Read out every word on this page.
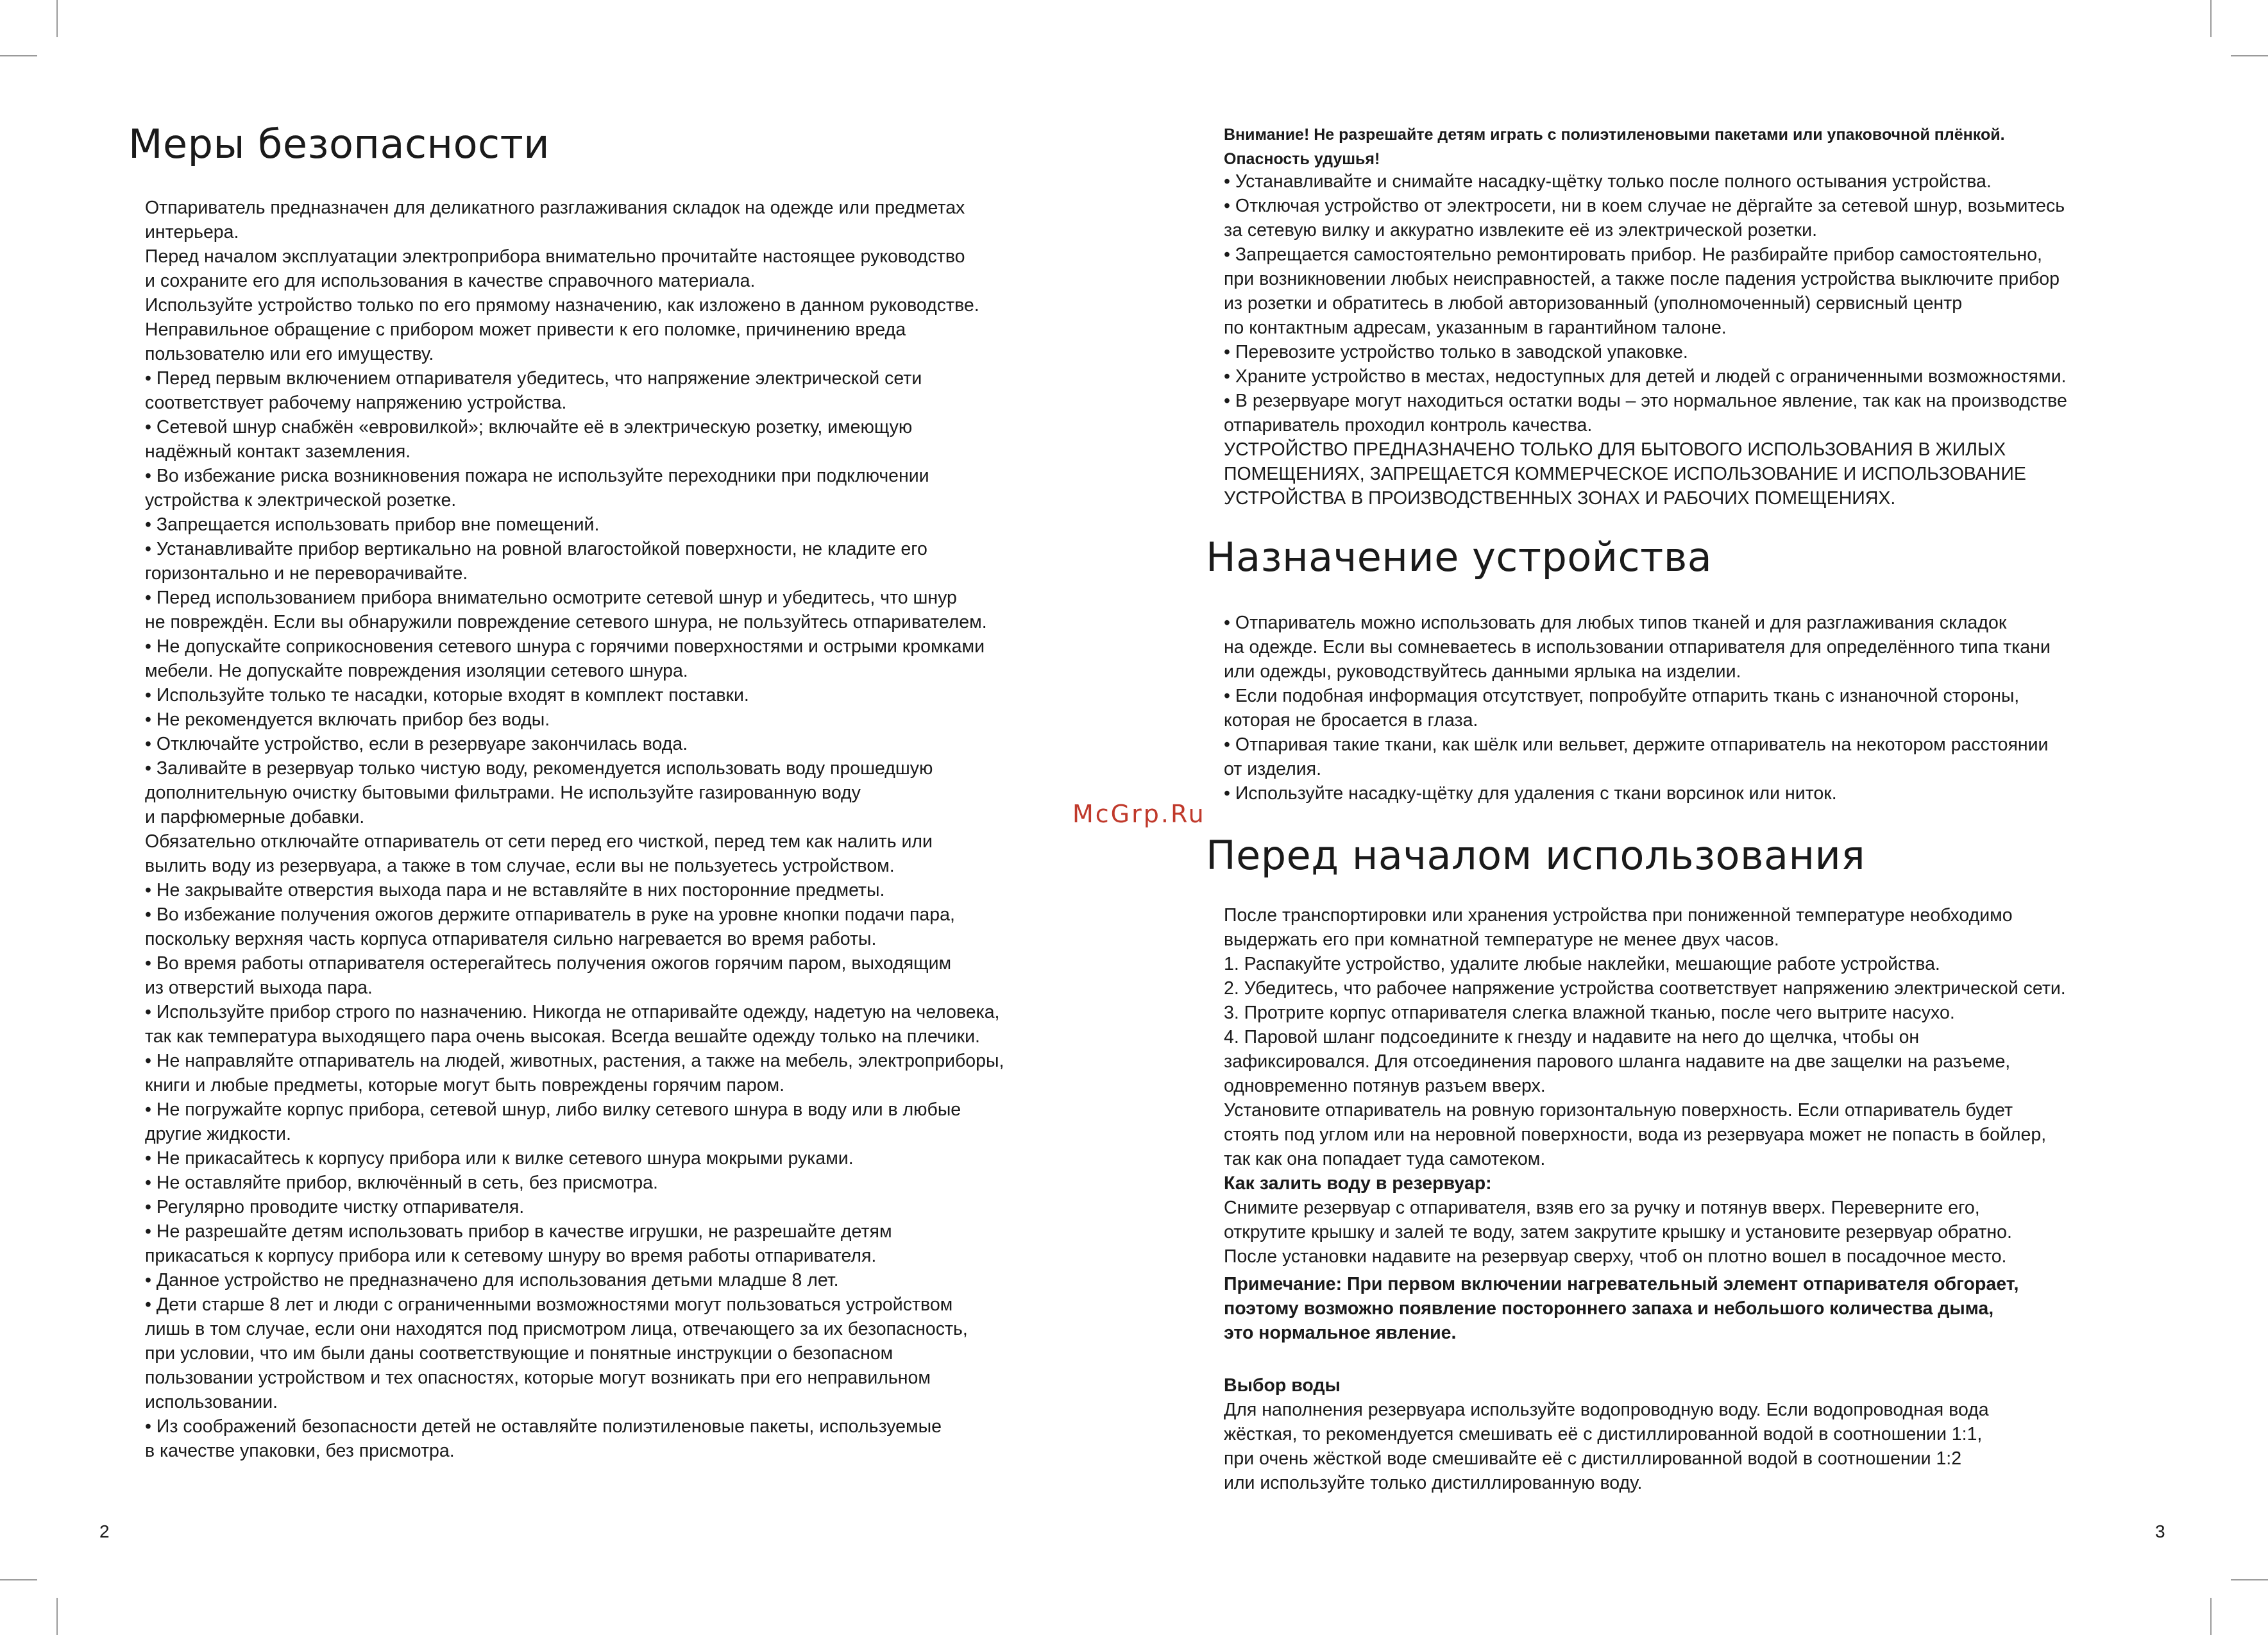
Меры безопасности
Отпариватель предназначен для деликатного разглаживания складок на одежде или предметах
интерьера.
Перед началом эксплуатации электроприбора внимательно прочитайте настоящее руководство
и сохраните его для использования в качестве справочного материала.
Используйте устройство только по его прямому назначению, как изложено в данном руководстве.
Неправильное обращение с прибором может привести к его поломке, причинению вреда
пользователю или его имуществу.
• Перед первым включением отпаривателя убедитесь, что напряжение электрической сети
соответствует рабочему напряжению устройства.
• Сетевой шнур снабжён «евровилкой»; включайте её в электрическую розетку, имеющую
надёжный контакт заземления.
• Во избежание риска возникновения пожара не используйте переходники при подключении
устройства к электрической розетке.
• Запрещается использовать прибор вне помещений.
• Устанавливайте прибор вертикально на ровной влагостойкой поверхности, не кладите его
горизонтально и не переворачивайте.
• Перед использованием прибора внимательно осмотрите сетевой шнур и убедитесь, что шнур
не повреждён. Если вы обнаружили повреждение сетевого шнура, не пользуйтесь отпаривателем.
• Не допускайте соприкосновения сетевого шнура с горячими поверхностями и острыми кромками
мебели. Не допускайте повреждения изоляции сетевого шнура.
• Используйте только те насадки, которые входят в комплект поставки.
• Не рекомендуется включать прибор без воды.
• Отключайте устройство, если в резервуаре закончилась вода.
• Заливайте в резервуар только чистую воду, рекомендуется использовать воду прошедшую
дополнительную очистку бытовыми фильтрами. Не используйте газированную воду
и парфюмерные добавки.
Обязательно отключайте отпариватель от сети перед его чисткой, перед тем как налить или
вылить воду из резервуара, а также в том случае, если вы не пользуетесь устройством.
• Не закрывайте отверстия выхода пара и не вставляйте в них посторонние предметы.
• Во избежание получения ожогов держите отпариватель в руке на уровне кнопки подачи пара,
поскольку верхняя часть корпуса отпаривателя сильно нагревается во время работы.
• Во время работы отпаривателя остерегайтесь получения ожогов горячим паром, выходящим
из отверстий выхода пара.
• Используйте прибор строго по назначению. Никогда не отпаривайте одежду, надетую на человека,
так как температура выходящего пара очень высокая. Всегда вешайте одежду только на плечики.
• Не направляйте отпариватель на людей, животных, растения, а также на мебель, электроприборы,
книги и любые предметы, которые могут быть повреждены горячим паром.
• Не погружайте корпус прибора, сетевой шнур, либо вилку сетевого шнура в воду или в любые
другие жидкости.
• Не прикасайтесь к корпусу прибора или к вилке сетевого шнура мокрыми руками.
• Не оставляйте прибор, включённый в сеть, без присмотра.
• Регулярно проводите чистку отпаривателя.
• Не разрешайте детям использовать прибор в качестве игрушки, не разрешайте детям
прикасаться к корпусу прибора или к сетевому шнуру во время работы отпаривателя.
• Данное устройство не предназначено для использования детьми младше 8 лет.
• Дети старше 8 лет и люди с ограниченными возможностями могут пользоваться устройством
лишь в том случае, если они находятся под присмотром лица, отвечающего за их безопасность,
при условии, что им были даны соответствующие и понятные инструкции о безопасном
пользовании устройством и тех опасностях, которые могут возникать при его неправильном
использовании.
• Из соображений безопасности детей не оставляйте полиэтиленовые пакеты, используемые
в качестве упаковки, без присмотра.
2
McGrp.Ru
Внимание! Не разрешайте детям играть с полиэтиленовыми пакетами или упаковочной плёнкой.
Опасность удушья!
• Устанавливайте и снимайте насадку-щётку только после полного остывания устройства.
• Отключая устройство от электросети, ни в коем случае не дёргайте за сетевой шнур, возьмитесь
за сетевую вилку и аккуратно извлеките её из электрической розетки.
• Запрещается самостоятельно ремонтировать прибор. Не разбирайте прибор самостоятельно,
при возникновении любых неисправностей, а также после падения устройства выключите прибор
из розетки и обратитесь в любой авторизованный (уполномоченный) сервисный центр
по контактным адресам, указанным в гарантийном талоне.
• Перевозите устройство только в заводской упаковке.
• Храните устройство в местах, недоступных для детей и людей с ограниченными возможностями.
• В резервуаре могут находиться остатки воды – это нормальное явление, так как на производстве
отпариватель проходил контроль качества.
УСТРОЙСТВО ПРЕДНАЗНАЧЕНО ТОЛЬКО ДЛЯ БЫТОВОГО ИСПОЛЬЗОВАНИЯ В ЖИЛЫХ
ПОМЕЩЕНИЯХ, ЗАПРЕЩАЕТСЯ КОММЕРЧЕСКОЕ ИСПОЛЬЗОВАНИЕ И ИСПОЛЬЗОВАНИЕ
УСТРОЙСТВА В ПРОИЗВОДСТВЕННЫХ ЗОНАХ И РАБОЧИХ ПОМЕЩЕНИЯХ.
Назначение устройства
• Отпариватель можно использовать для любых типов тканей и для разглаживания складок
на одежде. Если вы сомневаетесь в использовании отпаривателя для определённого типа ткани
или одежды, руководствуйтесь данными ярлыка на изделии.
• Если подобная информация отсутствует, попробуйте отпарить ткань с изнаночной стороны,
которая не бросается в глаза.
• Отпаривая такие ткани, как шёлк или вельвет, держите отпариватель на некотором расстоянии
от изделия.
• Используйте насадку-щётку для удаления с ткани ворсинок или ниток.
Перед началом использования
После транспортировки или хранения устройства при пониженной температуре необходимо
выдержать его при комнатной температуре не менее двух часов.
1. Распакуйте устройство, удалите любые наклейки, мешающие работе устройства.
2. Убедитесь, что рабочее напряжение устройства соответствует напряжению электрической сети.
3. Протрите корпус отпаривателя слегка влажной тканью, после чего вытрите насухо.
4. Паровой шланг подсоедините к гнезду и надавите на него до щелчка, чтобы он
зафиксировался. Для отсоединения парового шланга надавите на две защелки на разъеме,
одновременно потянув разъем вверх.
Установите отпариватель на ровную горизонтальную поверхность. Если отпариватель будет
стоять под углом или на неровной поверхности, вода из резервуара может не попасть в бойлер,
так как она попадает туда самотеком.
Как залить воду в резервуар:
Снимите резервуар с отпаривателя, взяв его за ручку и потянув вверх. Переверните его,
открутите крышку и залей те воду, затем закрутите крышку и установите резервуар обратно.
После установки надавите на резервуар сверху, чтоб он плотно вошел в посадочное место.
Примечание: При первом включении нагревательный элемент отпаривателя обгорает,
поэтому возможно появление постороннего запаха и небольшого количества дыма,
это нормальное явление.
Выбор воды
Для наполнения резервуара используйте водопроводную воду. Если водопроводная вода
жёсткая, то рекомендуется смешивать её с дистиллированной водой в соотношении 1:1,
при очень жёсткой воде смешивайте её с дистиллированной водой в соотношении 1:2
или используйте только дистиллированную воду.
3
